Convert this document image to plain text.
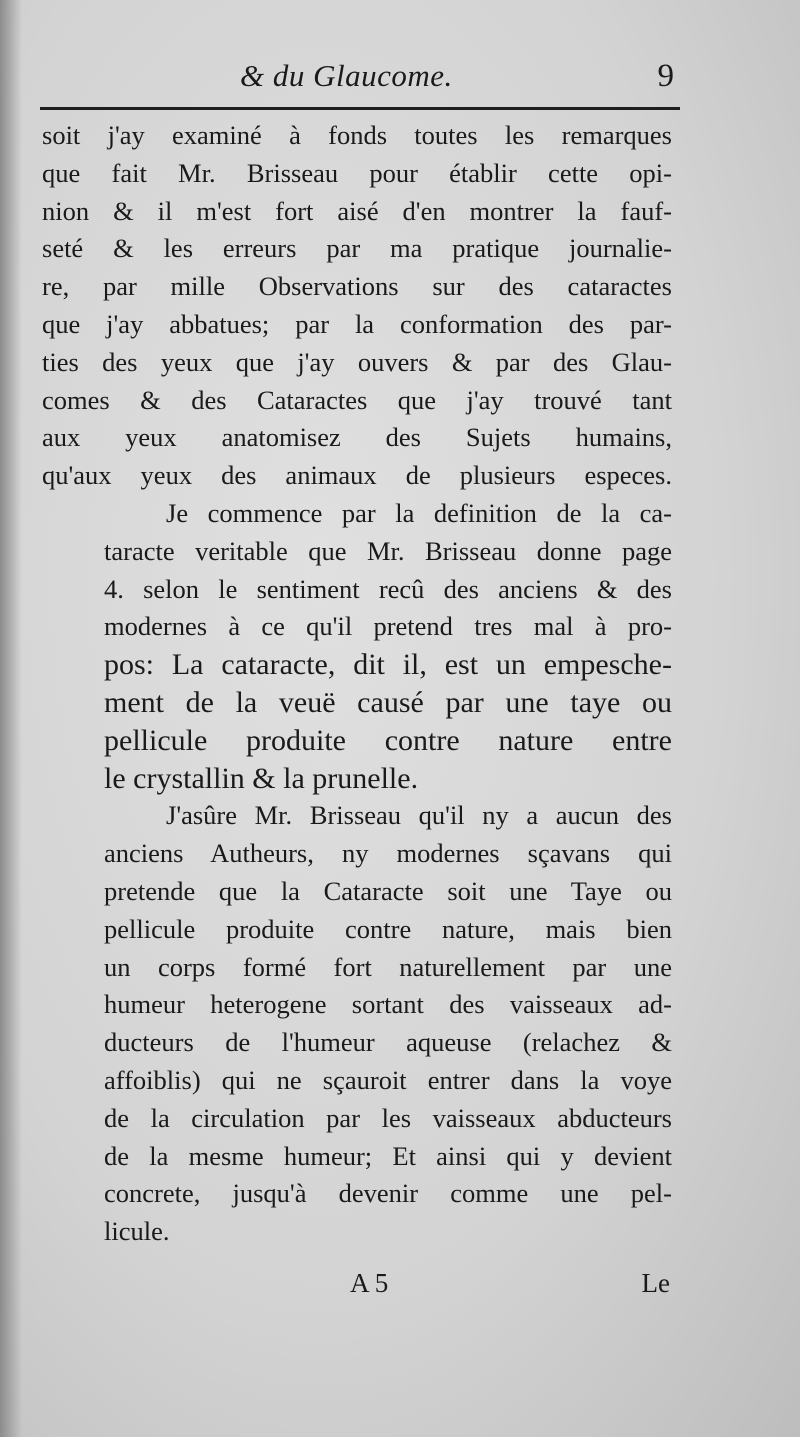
& du Glaucome.	9
soit j'ay examiné à fonds toutes les remarques
que fait Mr. Brisseau pour établir cette opi-
nion & il m'est fort aisé d'en montrer la fauf-
seté & les erreurs par ma pratique journalie-
re, par mille Observations sur des cataractes
que j'ay abbatues; par la conformation des par-
ties des yeux que j'ay ouvers & par des Glau-
comes & des Cataractes que j'ay trouvé tant
aux yeux anatomisez des Sujets humains,
qu'aux yeux des animaux de plusieurs especes.
Je commence par la definition de la ca-
taracte veritable que Mr. Brisseau donne page
4. selon le sentiment recû des anciens & des
modernes à ce qu'il pretend tres mal à pro-
pos: La cataracte, dit il, est un empesche-
ment de la veuë causé par une taye ou
pellicule produite contre nature entre
le crystallin & la prunelle.
J'asûre Mr. Brisseau qu'il ny a aucun des
anciens Autheurs, ny modernes sçavans qui
pretende que la Cataracte soit une Taye ou
pellicule produite contre nature, mais bien
un corps formé fort naturellement par une
humeur heterogene sortant des vaisseaux ad-
ducteurs de l'humeur aqueuse (relachez &
affoiblis) qui ne sçauroit entrer dans la voye
de la circulation par les vaisseaux abducteurs
de la mesme humeur; Et ainsi qui y devient
concrete, jusqu'à devenir comme une pel-
licule.
A 5	Le
